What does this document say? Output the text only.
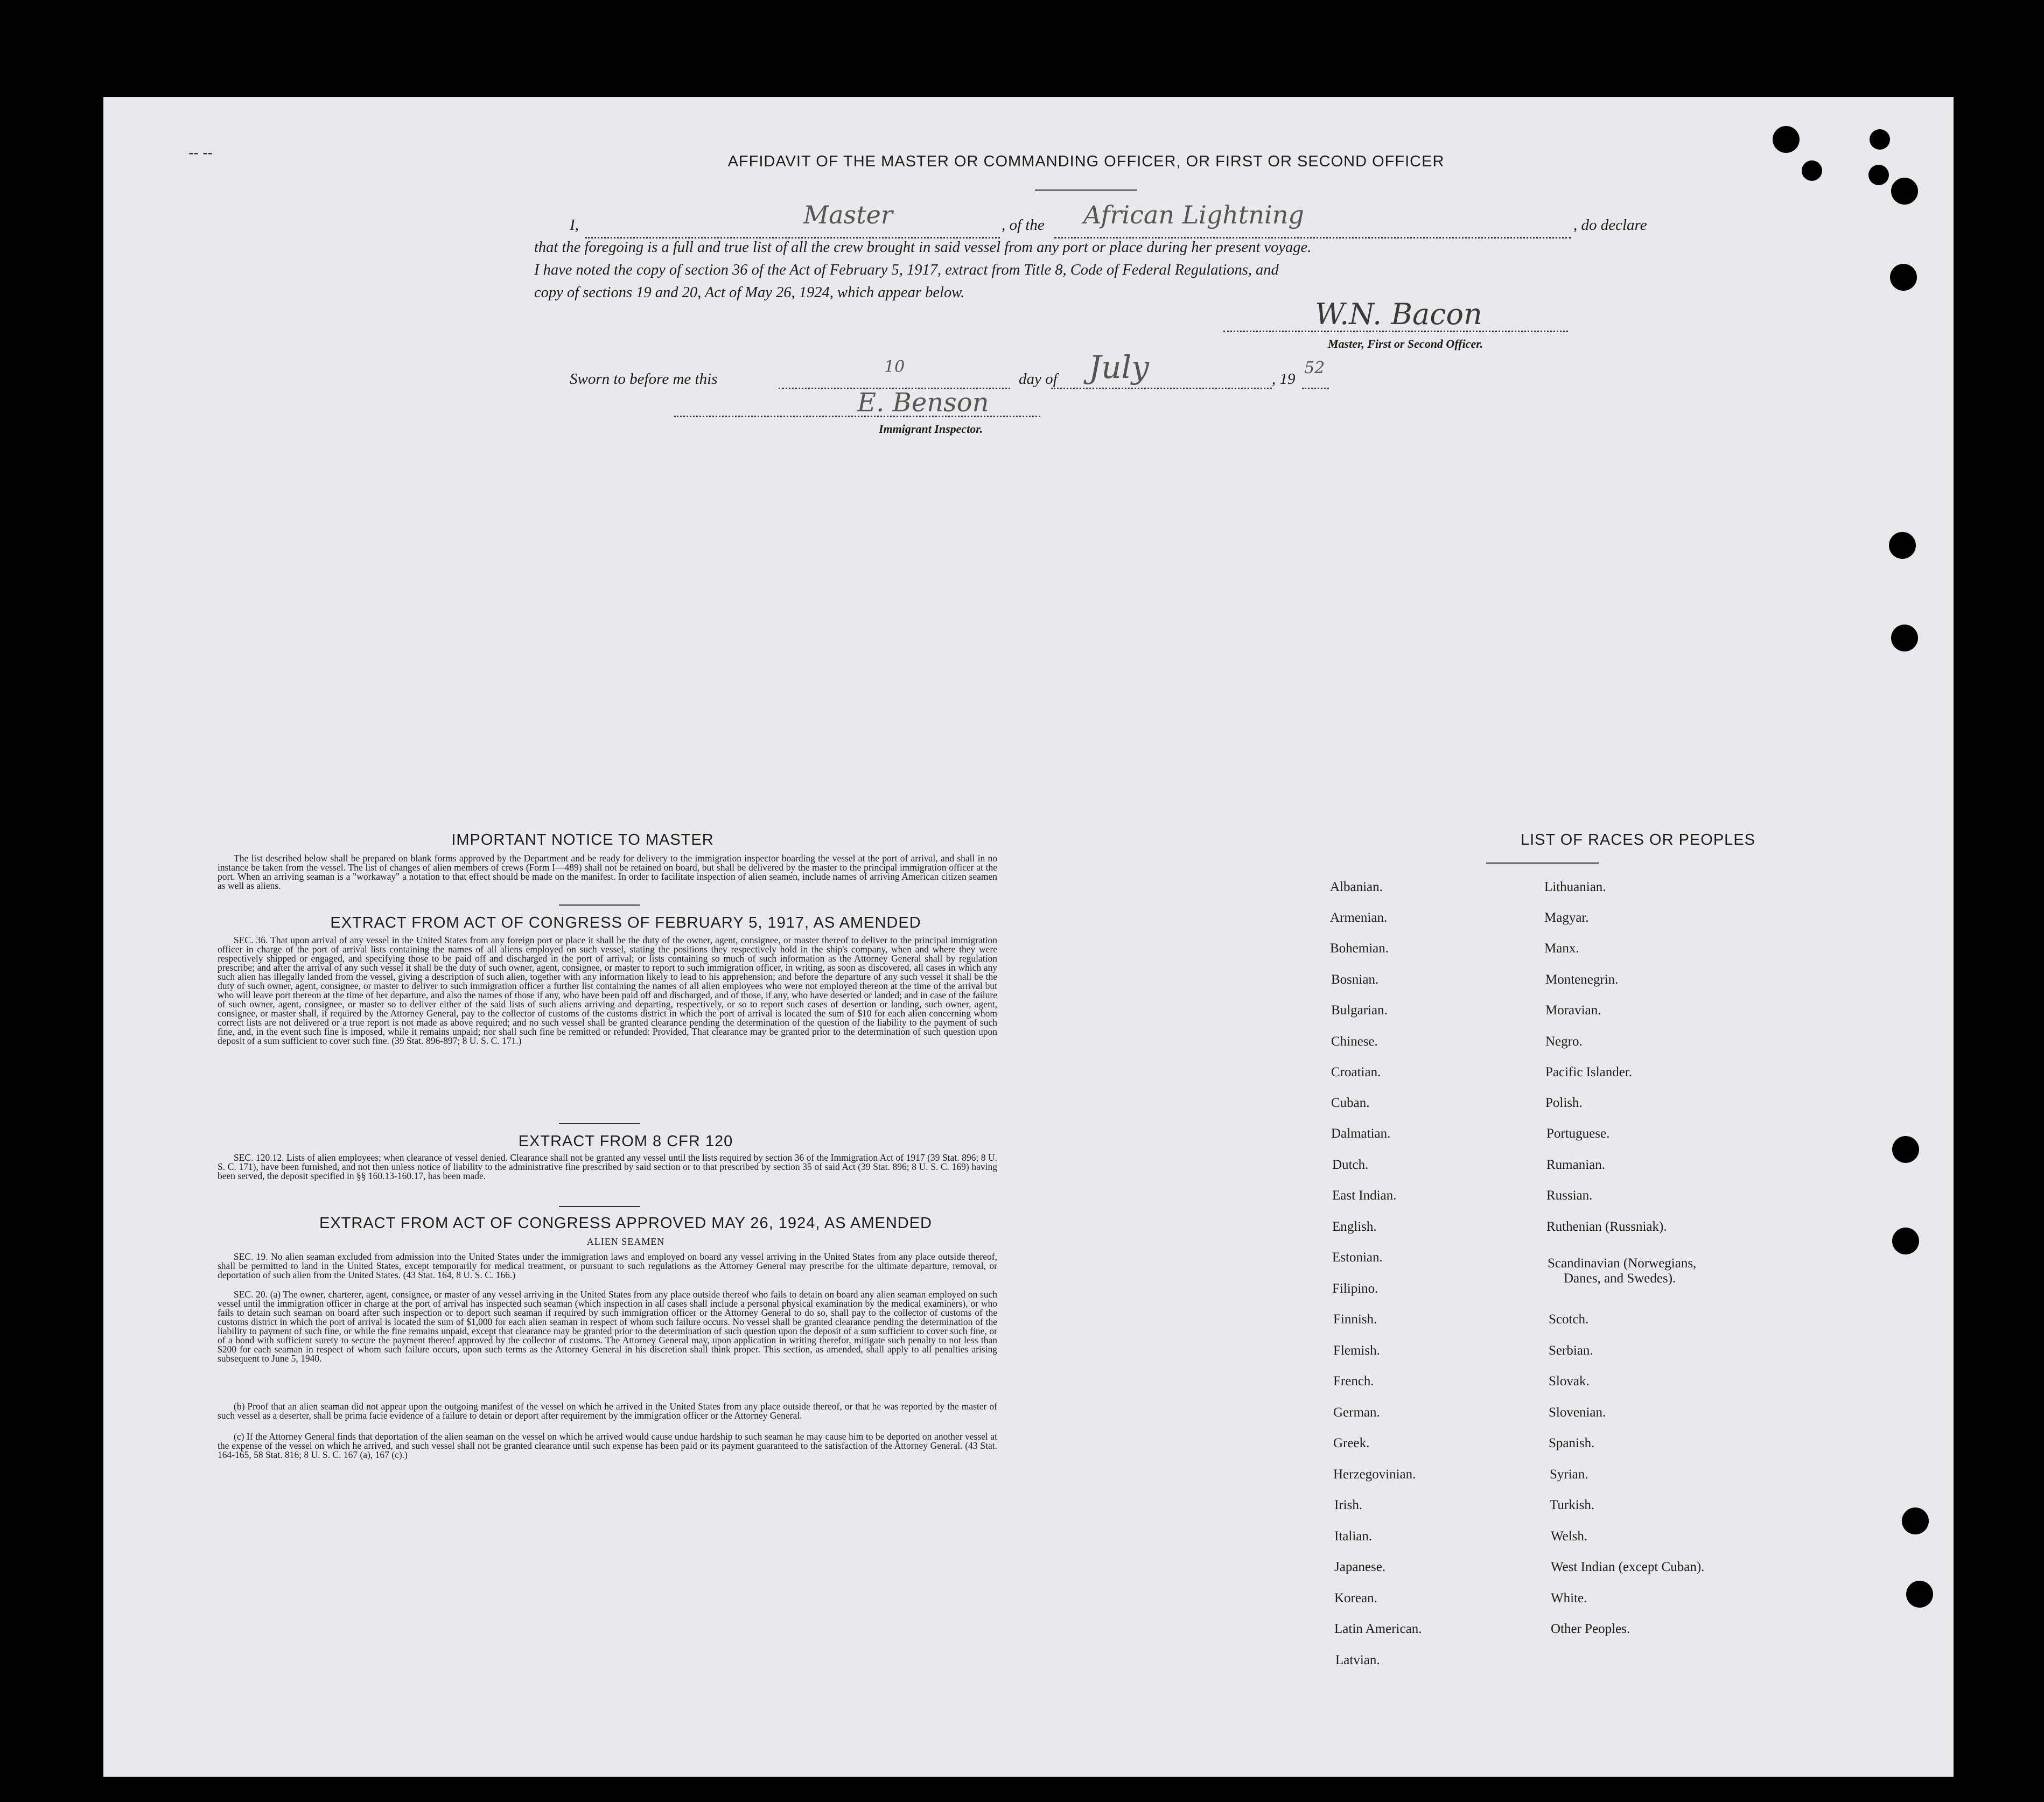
-- --
AFFIDAVIT OF THE MASTER OR COMMANDING OFFICER, OR FIRST OR SECOND OFFICER
I,	Master	, of the African Lightning	, do declare
that the foregoing is a full and true list of all the crew brought in said vessel from any port or place during her present voyage.
I have noted the copy of section 36 of the Act of February 5, 1917, extract from Title 8, Code of Federal Regulations, and
copy of sections 19 and 20, Act of May 26, 1924, which appear below.
W.N. Bacon
Master, First or Second Officer.
Sworn to before me this
10
day of July	, 19
52
E. Benson
Immigrant Inspector.
IMPORTANT NOTICE TO MASTER
The list described below shall be prepared on blank forms approved by the Department and be ready for delivery to the immigration inspector boarding the vessel at the port of arrival, and shall in no instance be taken from the vessel. The list of changes of alien members of crews (Form I—489) shall not be retained on board, but shall be delivered by the master to the principal immigration officer at the port. When an arriving seaman is a "workaway" a notation to that effect should be made on the manifest. In order to facilitate inspection of alien seamen, include names of arriving American citizen seamen as well as aliens.
EXTRACT FROM ACT OF CONGRESS OF FEBRUARY 5, 1917, AS AMENDED
SEC. 36. That upon arrival of any vessel in the United States from any foreign port or place it shall be the duty of the owner, agent, consignee, or master thereof to deliver to the principal immigration officer in charge of the port of arrival lists containing the names of all aliens employed on such vessel, stating the positions they respectively hold in the ship's company, when and where they were respectively shipped or engaged, and specifying those to be paid off and discharged in the port of arrival; or lists containing so much of such information as the Attorney General shall by regulation prescribe; and after the arrival of any such vessel it shall be the duty of such owner, agent, consignee, or master to report to such immigration officer, in writing, as soon as discovered, all cases in which any such alien has illegally landed from the vessel, giving a description of such alien, together with any information likely to lead to his apprehension; and before the departure of any such vessel it shall be the duty of such owner, agent, consignee, or master to deliver to such immigration officer a further list containing the names of all alien employees who were not employed thereon at the time of the arrival but who will leave port thereon at the time of her departure, and also the names of those if any, who have been paid off and discharged, and of those, if any, who have deserted or landed; and in case of the failure of such owner, agent, consignee, or master so to deliver either of the said lists of such aliens arriving and departing, respectively, or so to report such cases of desertion or landing, such owner, agent, consignee, or master shall, if required by the Attorney General, pay to the collector of customs of the customs district in which the port of arrival is located the sum of $10 for each alien concerning whom correct lists are not delivered or a true report is not made as above required; and no such vessel shall be granted clearance pending the determination of the question of the liability to the payment of such fine, and, in the event such fine is imposed, while it remains unpaid; nor shall such fine be remitted or refunded: Provided, That clearance may be granted prior to the determination of such question upon deposit of a sum sufficient to cover such fine. (39 Stat. 896-897; 8 U. S. C. 171.)
EXTRACT FROM 8 CFR 120
SEC. 120.12. Lists of alien employees; when clearance of vessel denied. Clearance shall not be granted any vessel until the lists required by section 36 of the Immigration Act of 1917 (39 Stat. 896; 8 U. S. C. 171), have been furnished, and not then unless notice of liability to the administrative fine prescribed by said section or to that prescribed by section 35 of said Act (39 Stat. 896; 8 U. S. C. 169) having been served, the deposit specified in §§ 160.13-160.17, has been made.
EXTRACT FROM ACT OF CONGRESS APPROVED MAY 26, 1924, AS AMENDED
ALIEN SEAMEN
SEC. 19. No alien seaman excluded from admission into the United States under the immigration laws and employed on board any vessel arriving in the United States from any place outside thereof, shall be permitted to land in the United States, except temporarily for medical treatment, or pursuant to such regulations as the Attorney General may prescribe for the ultimate departure, removal, or deportation of such alien from the United States. (43 Stat. 164, 8 U. S. C. 166.)
SEC. 20. (a) The owner, charterer, agent, consignee, or master of any vessel arriving in the United States from any place outside thereof who fails to detain on board any alien seaman employed on such vessel until the immigration officer in charge at the port of arrival has inspected such seaman (which inspection in all cases shall include a personal physical examination by the medical examiners), or who fails to detain such seaman on board after such inspection or to deport such seaman if required by such immigration officer or the Attorney General to do so, shall pay to the collector of customs of the customs district in which the port of arrival is located the sum of $1,000 for each alien seaman in respect of whom such failure occurs. No vessel shall be granted clearance pending the determination of the liability to payment of such fine, or while the fine remains unpaid, except that clearance may be granted prior to the determination of such question upon the deposit of a sum sufficient to cover such fine, or of a bond with sufficient surety to secure the payment thereof approved by the collector of customs. The Attorney General may, upon application in writing therefor, mitigate such penalty to not less than $200 for each seaman in respect of whom such failure occurs, upon such terms as the Attorney General in his discretion shall think proper. This section, as amended, shall apply to all penalties arising subsequent to June 5, 1940.
(b) Proof that an alien seaman did not appear upon the outgoing manifest of the vessel on which he arrived in the United States from any place outside thereof, or that he was reported by the master of such vessel as a deserter, shall be prima facie evidence of a failure to detain or deport after requirement by the immigration officer or the Attorney General.
(c) If the Attorney General finds that deportation of the alien seaman on the vessel on which he arrived would cause undue hardship to such seaman he may cause him to be deported on another vessel at the expense of the vessel on which he arrived, and such vessel shall not be granted clearance until such expense has been paid or its payment guaranteed to the satisfaction of the Attorney General. (43 Stat. 164-165, 58 Stat. 816; 8 U. S. C. 167 (a), 167 (c).)
LIST OF RACES OR PEOPLES
Albanian.
Armenian.
Bohemian.
Bosnian.
Bulgarian.
Chinese.
Croatian.
Cuban.
Dalmatian.
Dutch.
East Indian.
English.
Estonian.
Filipino.
Finnish.
Flemish.
French.
German.
Greek.
Herzegovinian.
Irish.
Italian.
Japanese.
Korean.
Latin American.
Latvian.
Lithuanian.
Magyar.
Manx.
Montenegrin.
Moravian.
Negro.
Pacific Islander.
Polish.
Portuguese.
Rumanian.
Russian.
Ruthenian (Russniak).
Scandinavian (Norwegians,
Danes, and Swedes).
Scotch.
Serbian.
Slovak.
Slovenian.
Spanish.
Syrian.
Turkish.
Welsh.
West Indian (except Cuban).
White.
Other Peoples.
